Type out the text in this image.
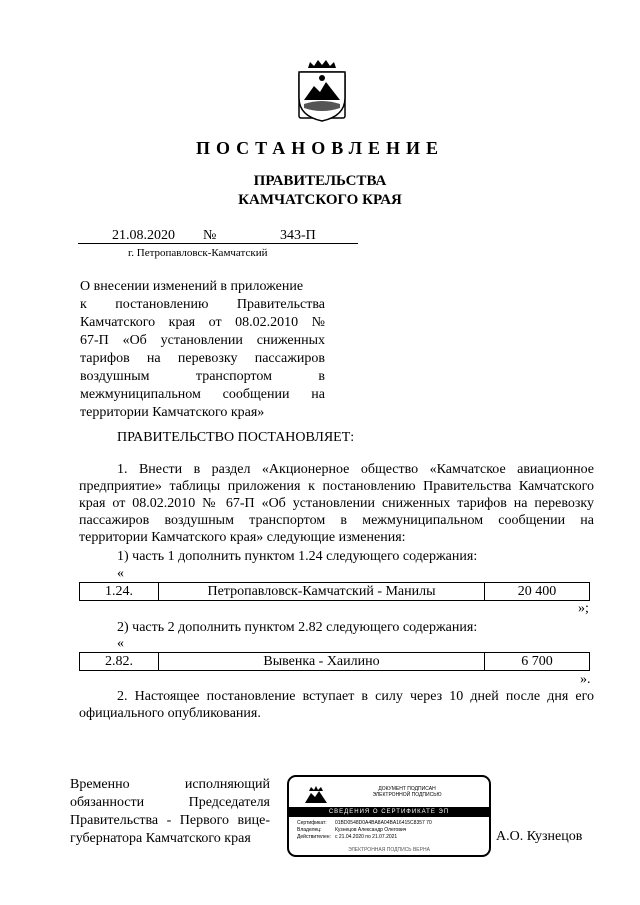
ПОСТАНОВЛЕНИЕ
ПРАВИТЕЛЬСТВА
КАМЧАТСКОГО КРАЯ
21.08.2020 №	343-П
г. Петропавловск-Камчатский

О внесении изменений в приложение

к постановлению Правительства

Камчатского края от 08.02.2010 №

67-П «Об установлении сниженных

тарифов на перевозку пассажиров

воздушным транспортом в

межмуниципальном сообщении на

территории Камчатского края»

ПРАВИТЕЛЬСТВО ПОСТАНОВЛЯЕТ:
1. Внести в раздел «Акционерное общество «Камчатское авиационное предприятие» таблицы приложения к постановлению Правительства Камчатского края от 08.02.2010 № 67-П «Об установлении сниженных тарифов на перевозку пассажиров воздушным транспортом в межмуниципальном сообщении на территории Камчатского края» следующие изменения:
1) часть 1 дополнить пунктом 1.24 следующего содержания:
«
1.24.	Петропавловск-Камчатский - Манилы	20 400
»;
2) часть 2 дополнить пунктом 2.82 следующего содержания:
«
2.82.	Вывенка - Хаилино	6 700
».
2. Настоящее постановление вступает в силу через 10 дней после дня его официального опубликования.

Временно исполняющий

обязанности Председателя

Правительства - Первого вице-

губернатора Камчатского края

ДОКУМЕНТ ПОДПИСАН
ЭЛЕКТРОННОЙ ПОДПИСЬЮ
СВЕДЕНИЯ О СЕРТИФИКАТЕ ЭП
Сертификат: 01BD0548D0A4BA8A04BA16415C8357 70
Владелец:	Кузнецов Александр Олегович
Действителен: с 21.04.2020 по 21.07.2021
ЭЛЕКТРОННАЯ ПОДПИСЬ ВЕРНА
А.О. Кузнецов
